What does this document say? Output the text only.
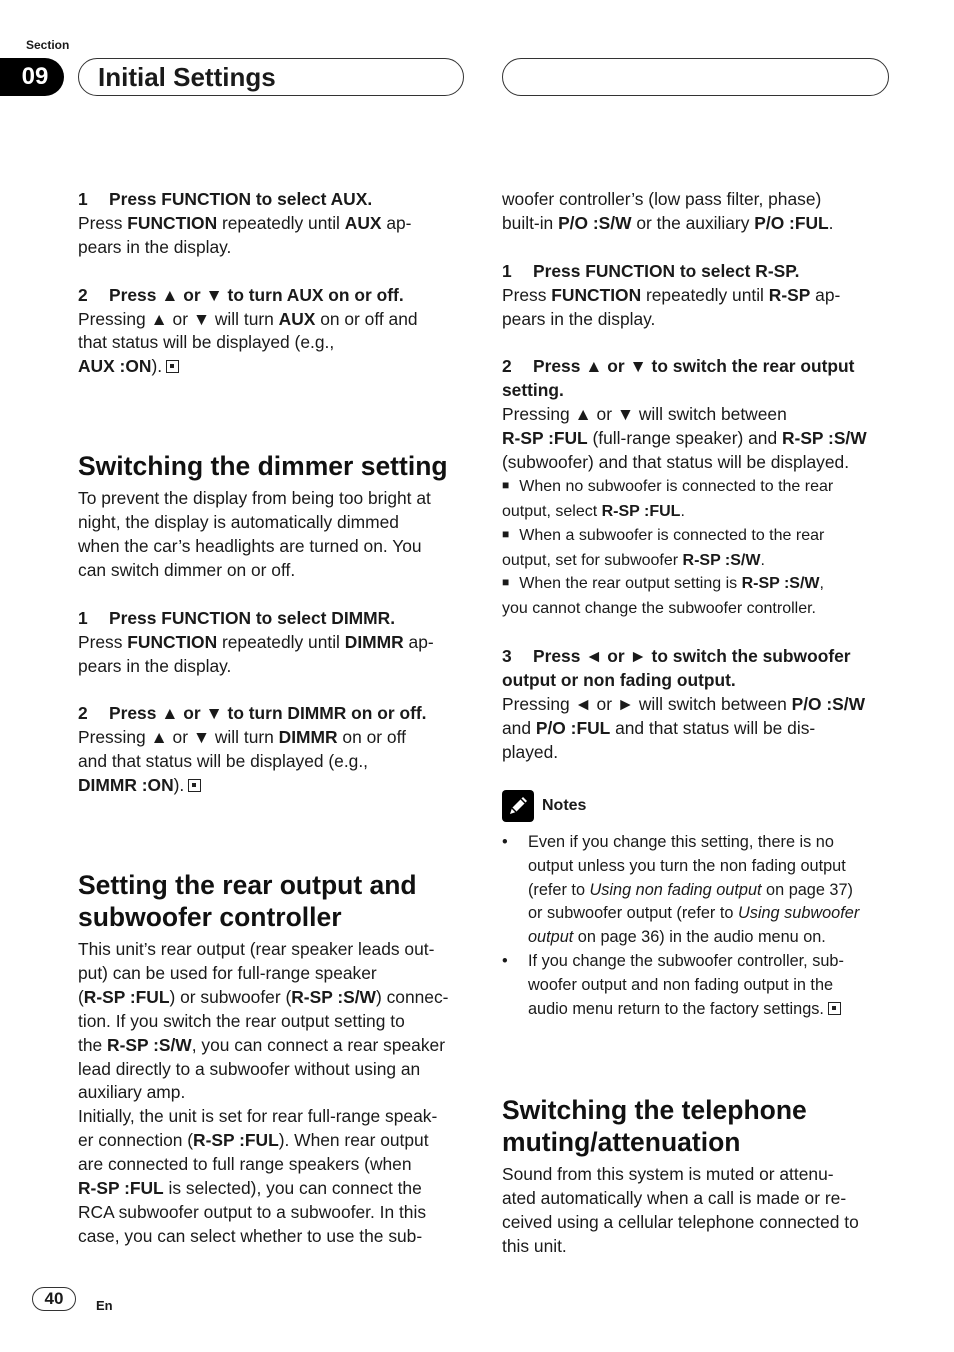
Section
09	Initial Settings

1 Press FUNCTION to select AUX.

Press FUNCTION repeatedly until AUX ap-

pears in the display.

2 Press ▲ or ▼ to turn AUX on or off.

Pressing ▲ or ▼ will turn AUX on or off and

that status will be displayed (e.g.,

AUX :ON).

Switching the dimmer setting

To prevent the display from being too bright at

night, the display is automatically dimmed

when the car’s headlights are turned on. You

can switch dimmer on or off.

1 Press FUNCTION to select DIMMR.

Press FUNCTION repeatedly until DIMMR ap-

pears in the display.

2 Press ▲ or ▼ to turn DIMMR on or off.

Pressing ▲ or ▼ will turn DIMMR on or off

and that status will be displayed (e.g.,

DIMMR :ON).

Setting the rear output and
subwoofer controller

This unit’s rear output (rear speaker leads out-

put) can be used for full-range speaker

(R-SP :FUL) or subwoofer (R-SP :S/W) connec-

tion. If you switch the rear output setting to

the R-SP :S/W, you can connect a rear speaker

lead directly to a subwoofer without using an

auxiliary amp.

Initially, the unit is set for rear full-range speak-

er connection (R-SP :FUL). When rear output

are connected to full range speakers (when

R-SP :FUL is selected), you can connect the

RCA subwoofer output to a subwoofer. In this

case, you can select whether to use the sub-

woofer controller’s (low pass filter, phase)

built-in P/O :S/W or the auxiliary P/O :FUL.

1 Press FUNCTION to select R-SP.

Press FUNCTION repeatedly until R-SP ap-

pears in the display.

2 Press ▲ or ▼ to switch the rear output

setting.

Pressing ▲ or ▼ will switch between

R-SP :FUL (full-range speaker) and R-SP :S/W

(subwoofer) and that status will be displayed.

■ When no subwoofer is connected to the rear

output, select R-SP :FUL.

■ When a subwoofer is connected to the rear

output, set for subwoofer R-SP :S/W.

■ When the rear output setting is R-SP :S/W,

you cannot change the subwoofer controller.

3 Press ◄ or ► to switch the subwoofer

output or non fading output.

Pressing ◄ or ► will switch between P/O :S/W

and P/O :FUL and that status will be dis-

played.

Notes
• Even if you change this setting, there is no

output unless you turn the non fading output

(refer to Using non fading output on page 37)

or subwoofer output (refer to Using subwoofer

output on page 36) in the audio menu on.

• If you change the subwoofer controller, sub-

woofer output and non fading output in the

audio menu return to the factory settings.

Switching the telephone
muting/attenuation

Sound from this system is muted or attenu-

ated automatically when a call is made or re-

ceived using a cellular telephone connected to

this unit.

40	En
